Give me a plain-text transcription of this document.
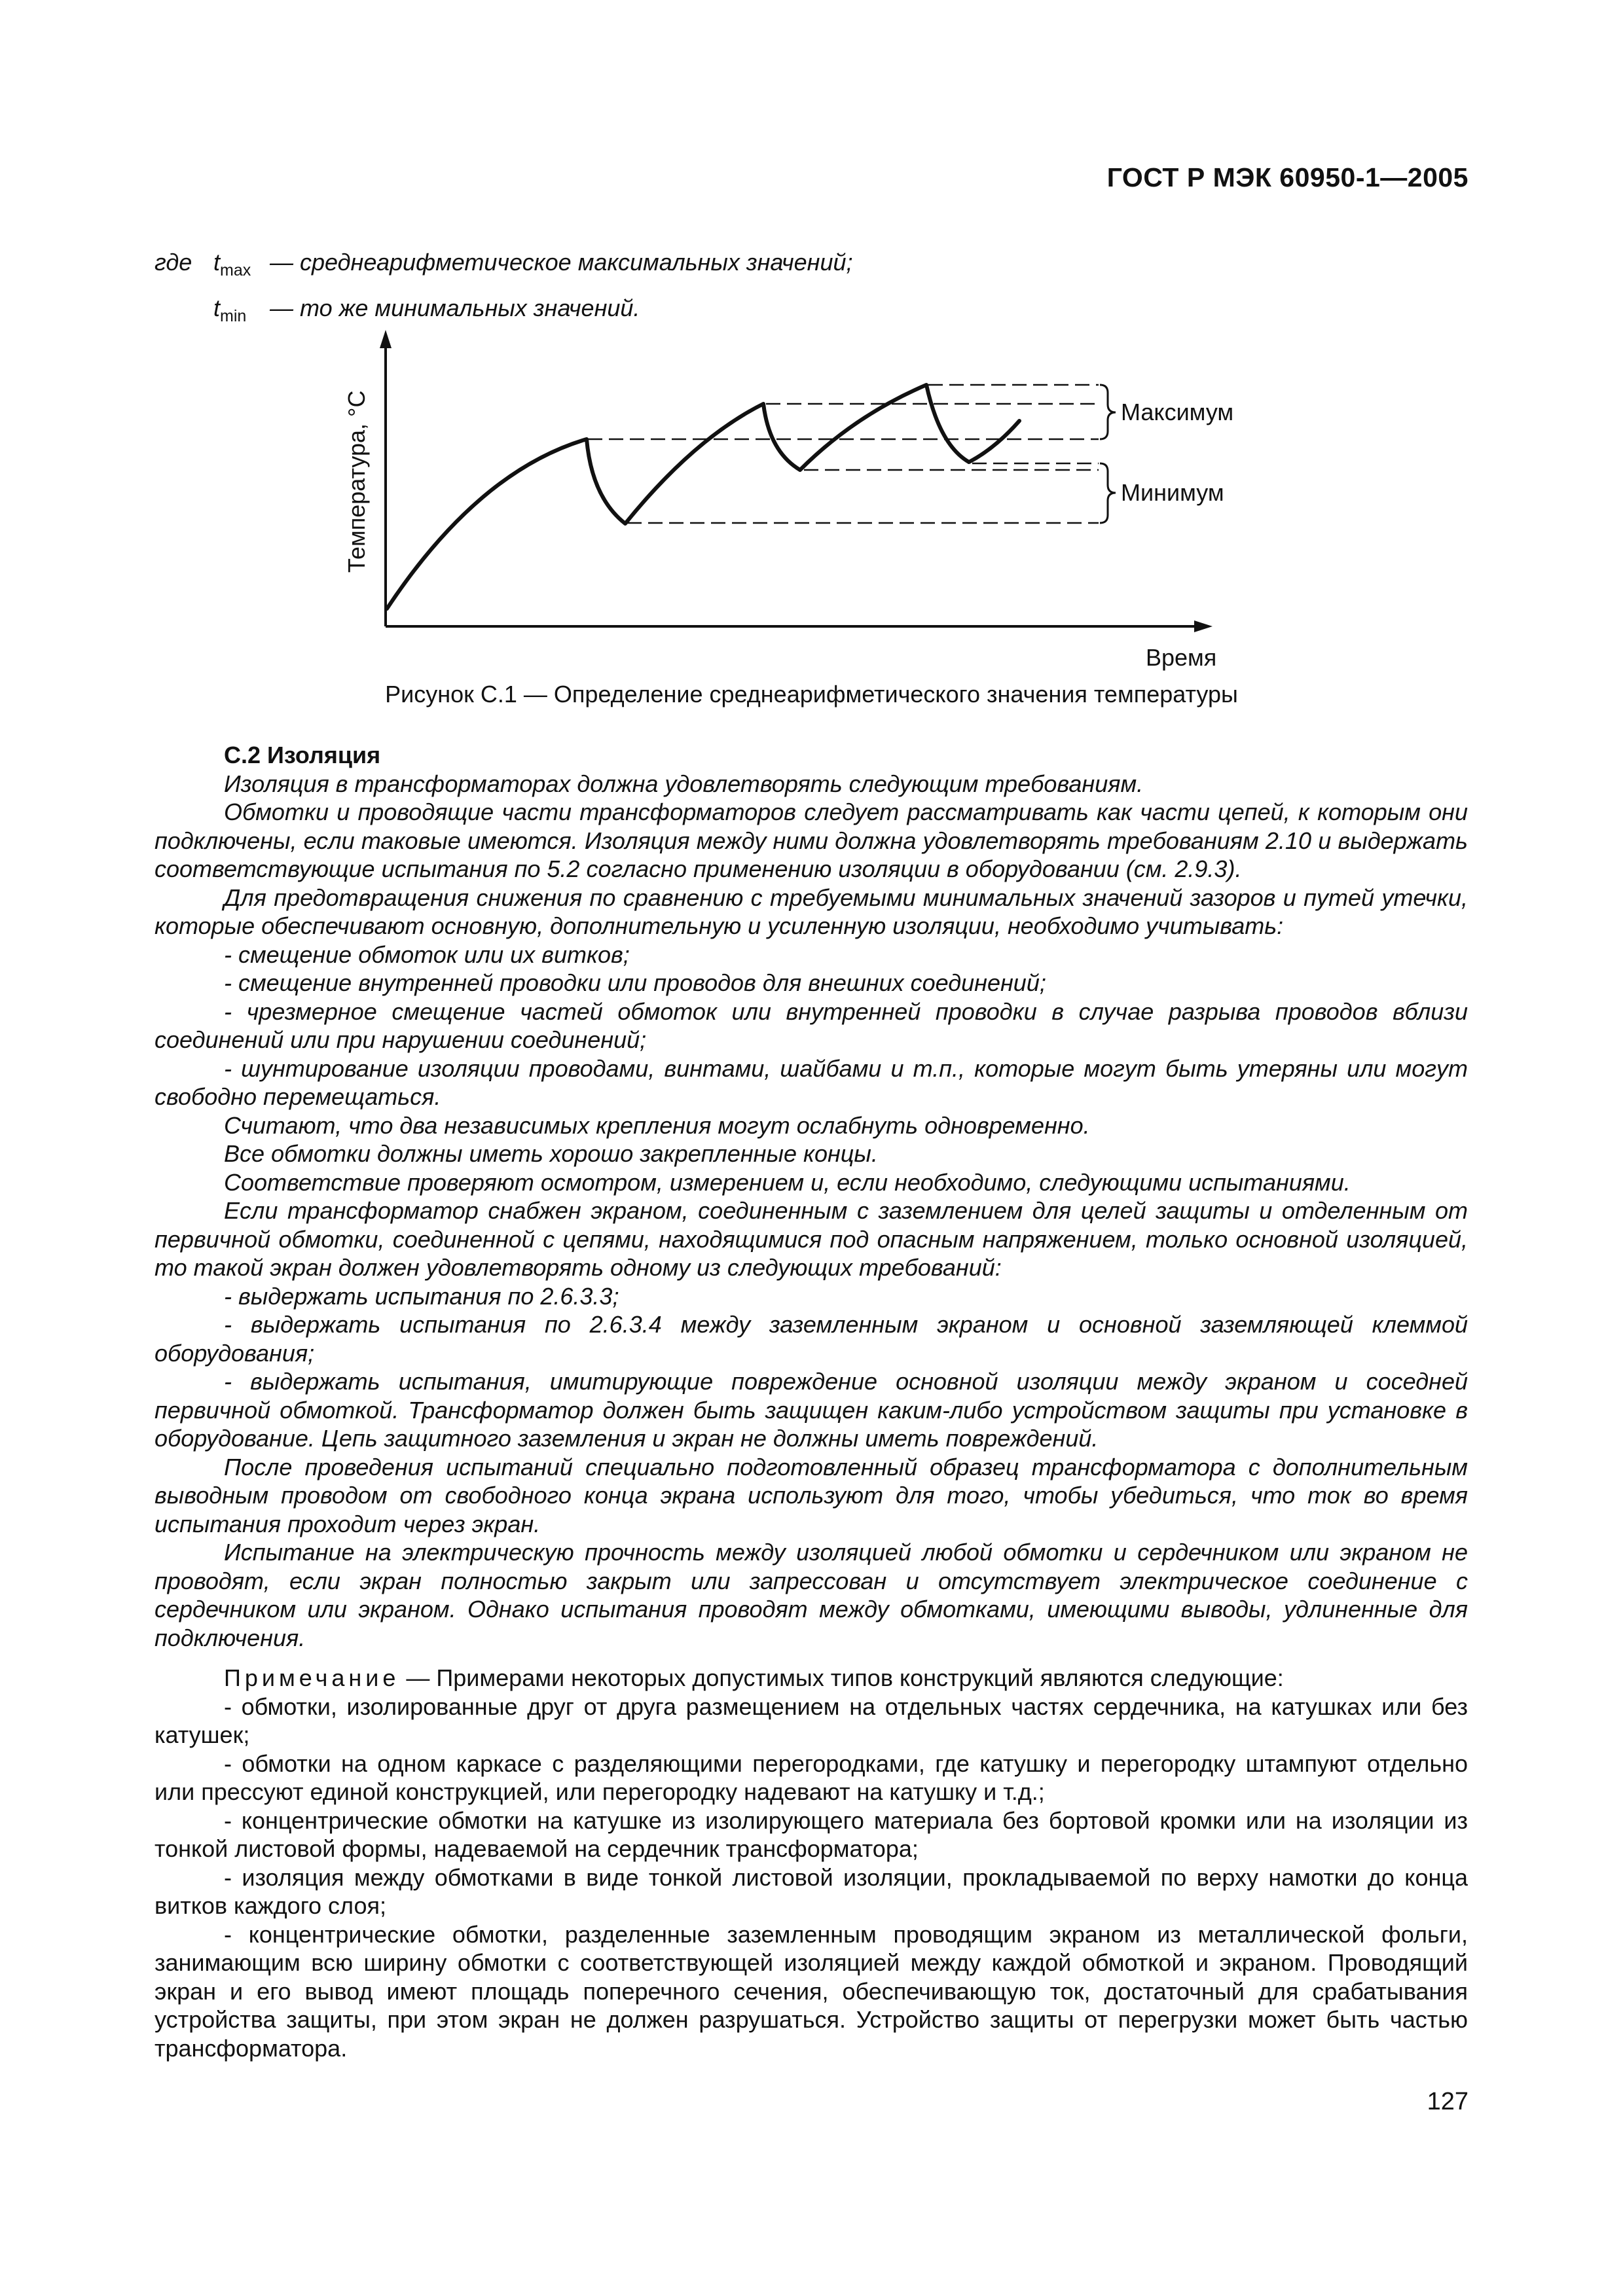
ГОСТ Р МЭК 60950-1—2005
где $t_{max}$ — среднеарифметическое максимальных значений;
$t_{min}$ — то же минимальных значений.
Максимум
Минимум
Время
Температура, °C
Рисунок С.1 — Определение среднеарифметического значения температуры

С.2 Изоляция

Изоляция в трансформаторах должна удовлетворять следующим требованиям.

Обмотки и проводящие части трансформаторов следует рассматривать как части цепей, к которым они подключены, если таковые имеются. Изоляция между ними должна удовлетворять требованиям 2.10 и выдержать соответствующие испытания по 5.2 согласно применению изоляции в оборудовании (см. 2.9.3).

Для предотвращения снижения по сравнению с требуемыми минимальных значений зазоров и путей утечки, которые обеспечивают основную, дополнительную и усиленную изоляции, необходимо учитывать:

- смещение обмоток или их витков;

- смещение внутренней проводки или проводов для внешних соединений;

- чрезмерное смещение частей обмоток или внутренней проводки в случае разрыва проводов вблизи соединений или при нарушении соединений;

- шунтирование изоляции проводами, винтами, шайбами и т.п., которые могут быть утеряны или могут свободно перемещаться.

Считают, что два независимых крепления могут ослабнуть одновременно.

Все обмотки должны иметь хорошо закрепленные концы.

Соответствие проверяют осмотром, измерением и, если необходимо, следующими испытаниями.

Если трансформатор снабжен экраном, соединенным с заземлением для целей защиты и отделенным от первичной обмотки, соединенной с цепями, находящимися под опасным напряжением, только основной изоляцией, то такой экран должен удовлетворять одному из следующих требований:

- выдержать испытания по 2.6.3.3;

- выдержать испытания по 2.6.3.4 между заземленным экраном и основной заземляющей клеммой оборудования;

- выдержать испытания, имитирующие повреждение основной изоляции между экраном и соседней первичной обмоткой. Трансформатор должен быть защищен каким-либо устройством защиты при установке в оборудование. Цепь защитного заземления и экран не должны иметь повреждений.

После проведения испытаний специально подготовленный образец трансформатора с дополнительным выводным проводом от свободного конца экрана используют для того, чтобы убедиться, что ток во время испытания проходит через экран.

Испытание на электрическую прочность между изоляцией любой обмотки и сердечником или экраном не проводят, если экран полностью закрыт или запрессован и отсутствует электрическое соединение с сердечником или экраном. Однако испытания проводят между обмотками, имеющими выводы, удлиненные для подключения.

Примечание — Примерами некоторых допустимых типов конструкций являются следующие:

- обмотки, изолированные друг от друга размещением на отдельных частях сердечника, на катушках или без катушек;

- обмотки на одном каркасе с разделяющими перегородками, где катушку и перегородку штампуют отдельно или прессуют единой конструкцией, или перегородку надевают на катушку и т.д.;

- концентрические обмотки на катушке из изолирующего материала без бортовой кромки или на изоляции из тонкой листовой формы, надеваемой на сердечник трансформатора;

- изоляция между обмотками в виде тонкой листовой изоляции, прокладываемой по верху намотки до конца витков каждого слоя;

- концентрические обмотки, разделенные заземленным проводящим экраном из металлической фольги, занимающим всю ширину обмотки с соответствующей изоляцией между каждой обмоткой и экраном. Проводящий экран и его вывод имеют площадь поперечного сечения, обеспечивающую ток, достаточный для срабатывания устройства защиты, при этом экран не должен разрушаться. Устройство защиты от перегрузки может быть частью трансформатора.

127
